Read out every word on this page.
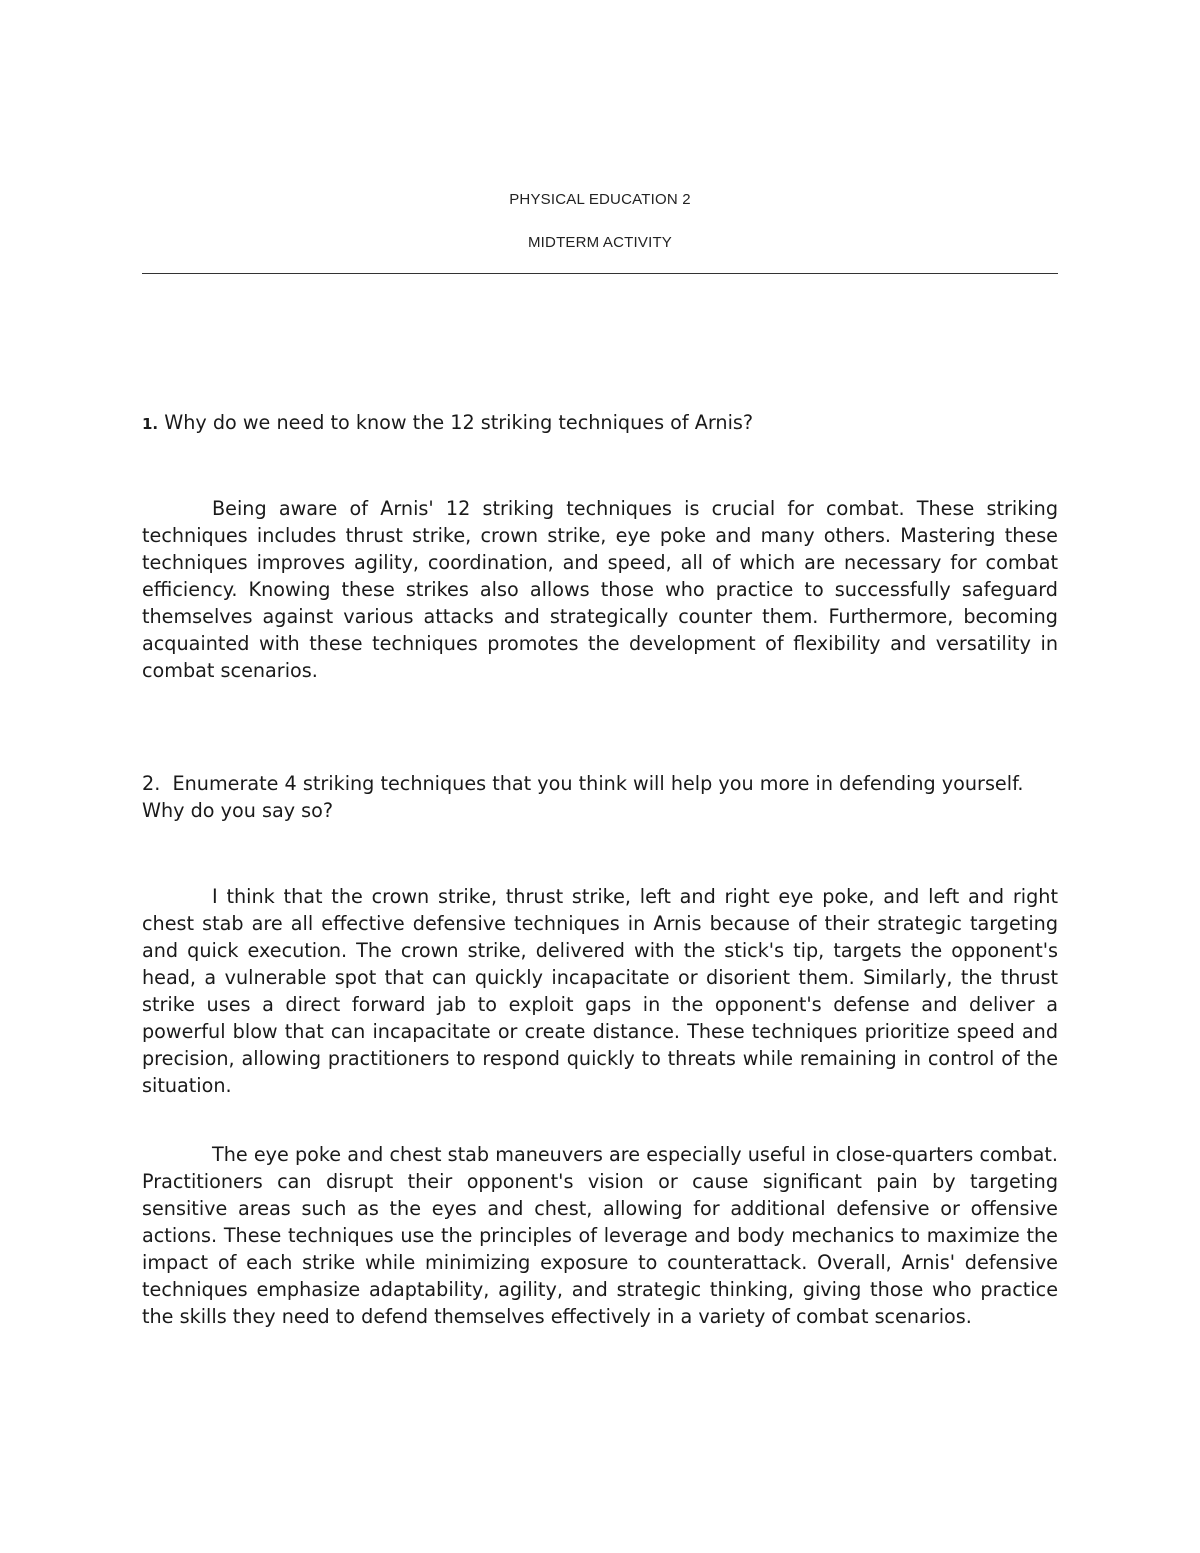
PHYSICAL EDUCATION 2
MIDTERM ACTIVITY

1. Why do we need to know the 12 striking techniques of Arnis?

Being aware of Arnis' 12 striking techniques is crucial for combat. These striking techniques includes thrust strike, crown strike, eye poke and many others. Mastering these techniques improves agility, coordination, and speed, all of which are necessary for combat efficiency. Knowing these strikes also allows those who practice to successfully safeguard themselves against various attacks and strategically counter them. Furthermore, becoming acquainted with these techniques promotes the development of flexibility and versatility in combat scenarios.

2. Enumerate 4 striking techniques that you think will help you more in defending yourself. Why do you say so?

I think that the crown strike, thrust strike, left and right eye poke, and left and right chest stab are all effective defensive techniques in Arnis because of their strategic targeting and quick execution. The crown strike, delivered with the stick's tip, targets the opponent's head, a vulnerable spot that can quickly incapacitate or disorient them. Similarly, the thrust strike uses a direct forward jab to exploit gaps in the opponent's defense and deliver a powerful blow that can incapacitate or create distance. These techniques prioritize speed and precision, allowing practitioners to respond quickly to threats while remaining in control of the situation.

The eye poke and chest stab maneuvers are especially useful in close-quarters combat. Practitioners can disrupt their opponent's vision or cause significant pain by targeting sensitive areas such as the eyes and chest, allowing for additional defensive or offensive actions. These techniques use the principles of leverage and body mechanics to maximize the impact of each strike while minimizing exposure to counterattack. Overall, Arnis' defensive techniques emphasize adaptability, agility, and strategic thinking, giving those who practice the skills they need to defend themselves effectively in a variety of combat scenarios.
